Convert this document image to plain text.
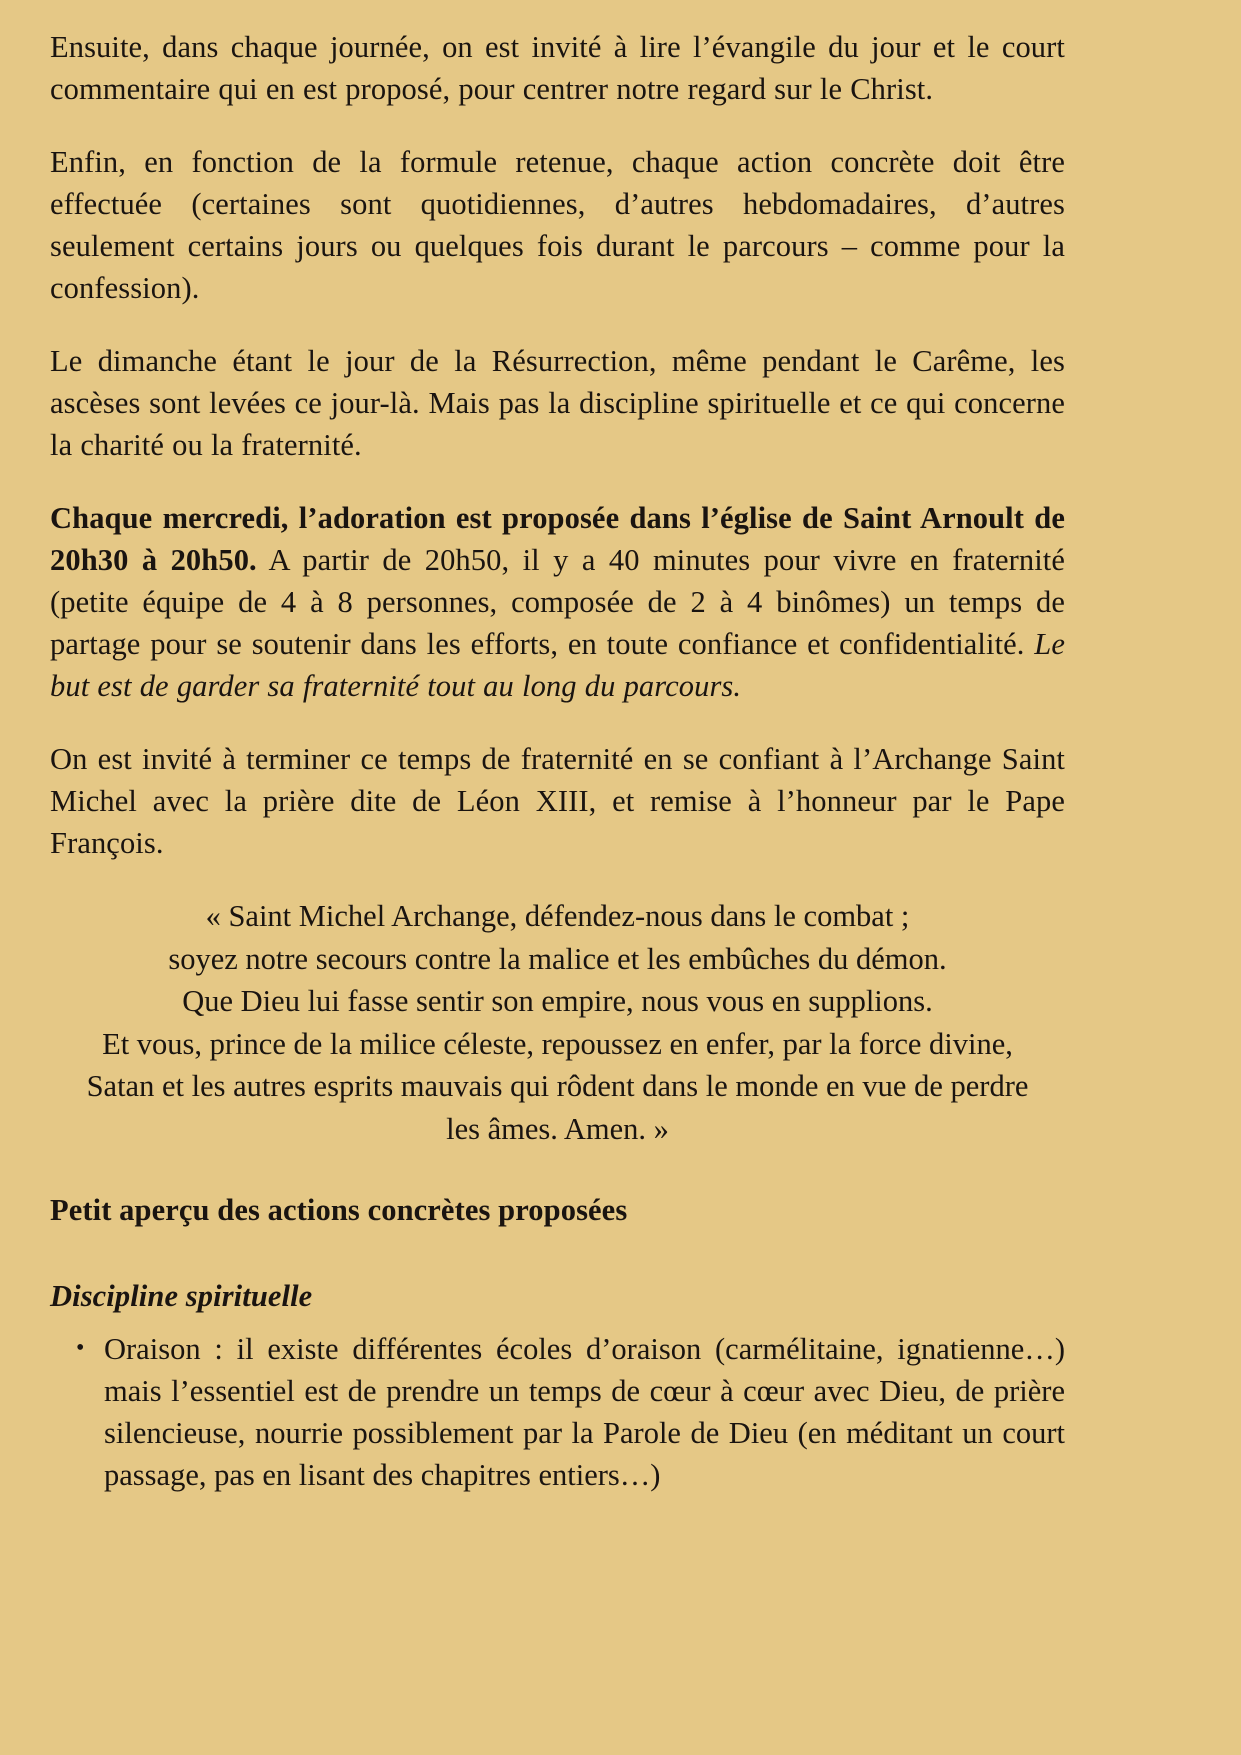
Ensuite, dans chaque journée, on est invité à lire l’évangile du jour et le court commentaire qui en est proposé, pour centrer notre regard sur le Christ.

Enfin, en fonction de la formule retenue, chaque action concrète doit être effectuée (certaines sont quotidiennes, d’autres hebdomadaires, d’autres seulement certains jours ou quelques fois durant le parcours – comme pour la confession).

Le dimanche étant le jour de la Résurrection, même pendant le Carême, les ascèses sont levées ce jour-là. Mais pas la discipline spirituelle et ce qui concerne la charité ou la fraternité.

Chaque mercredi, l’adoration est proposée dans l’église de Saint Arnoult de 20h30 à 20h50. A partir de 20h50, il y a 40 minutes pour vivre en fraternité (petite équipe de 4 à 8 personnes, composée de 2 à 4 binômes) un temps de partage pour se soutenir dans les efforts, en toute confiance et confidentialité. Le but est de garder sa fraternité tout au long du parcours.

On est invité à terminer ce temps de fraternité en se confiant à l’Archange Saint Michel avec la prière dite de Léon XIII, et remise à l’honneur par le Pape François.

« Saint Michel Archange, défendez-nous dans le combat ;
soyez notre secours contre la malice et les embûches du démon.
Que Dieu lui fasse sentir son empire, nous vous en supplions.
Et vous, prince de la milice céleste, repoussez en enfer, par la force divine,
Satan et les autres esprits mauvais qui rôdent dans le monde en vue de perdre
les âmes. Amen. »
Petit aperçu des actions concrètes proposées
Discipline spirituelle
• Oraison : il existe différentes écoles d’oraison (carmélitaine, ignatienne…) mais l’essentiel est de prendre un temps de cœur à cœur avec Dieu, de prière silencieuse, nourrie possiblement par la Parole de Dieu (en méditant un court passage, pas en lisant des chapitres entiers…)
